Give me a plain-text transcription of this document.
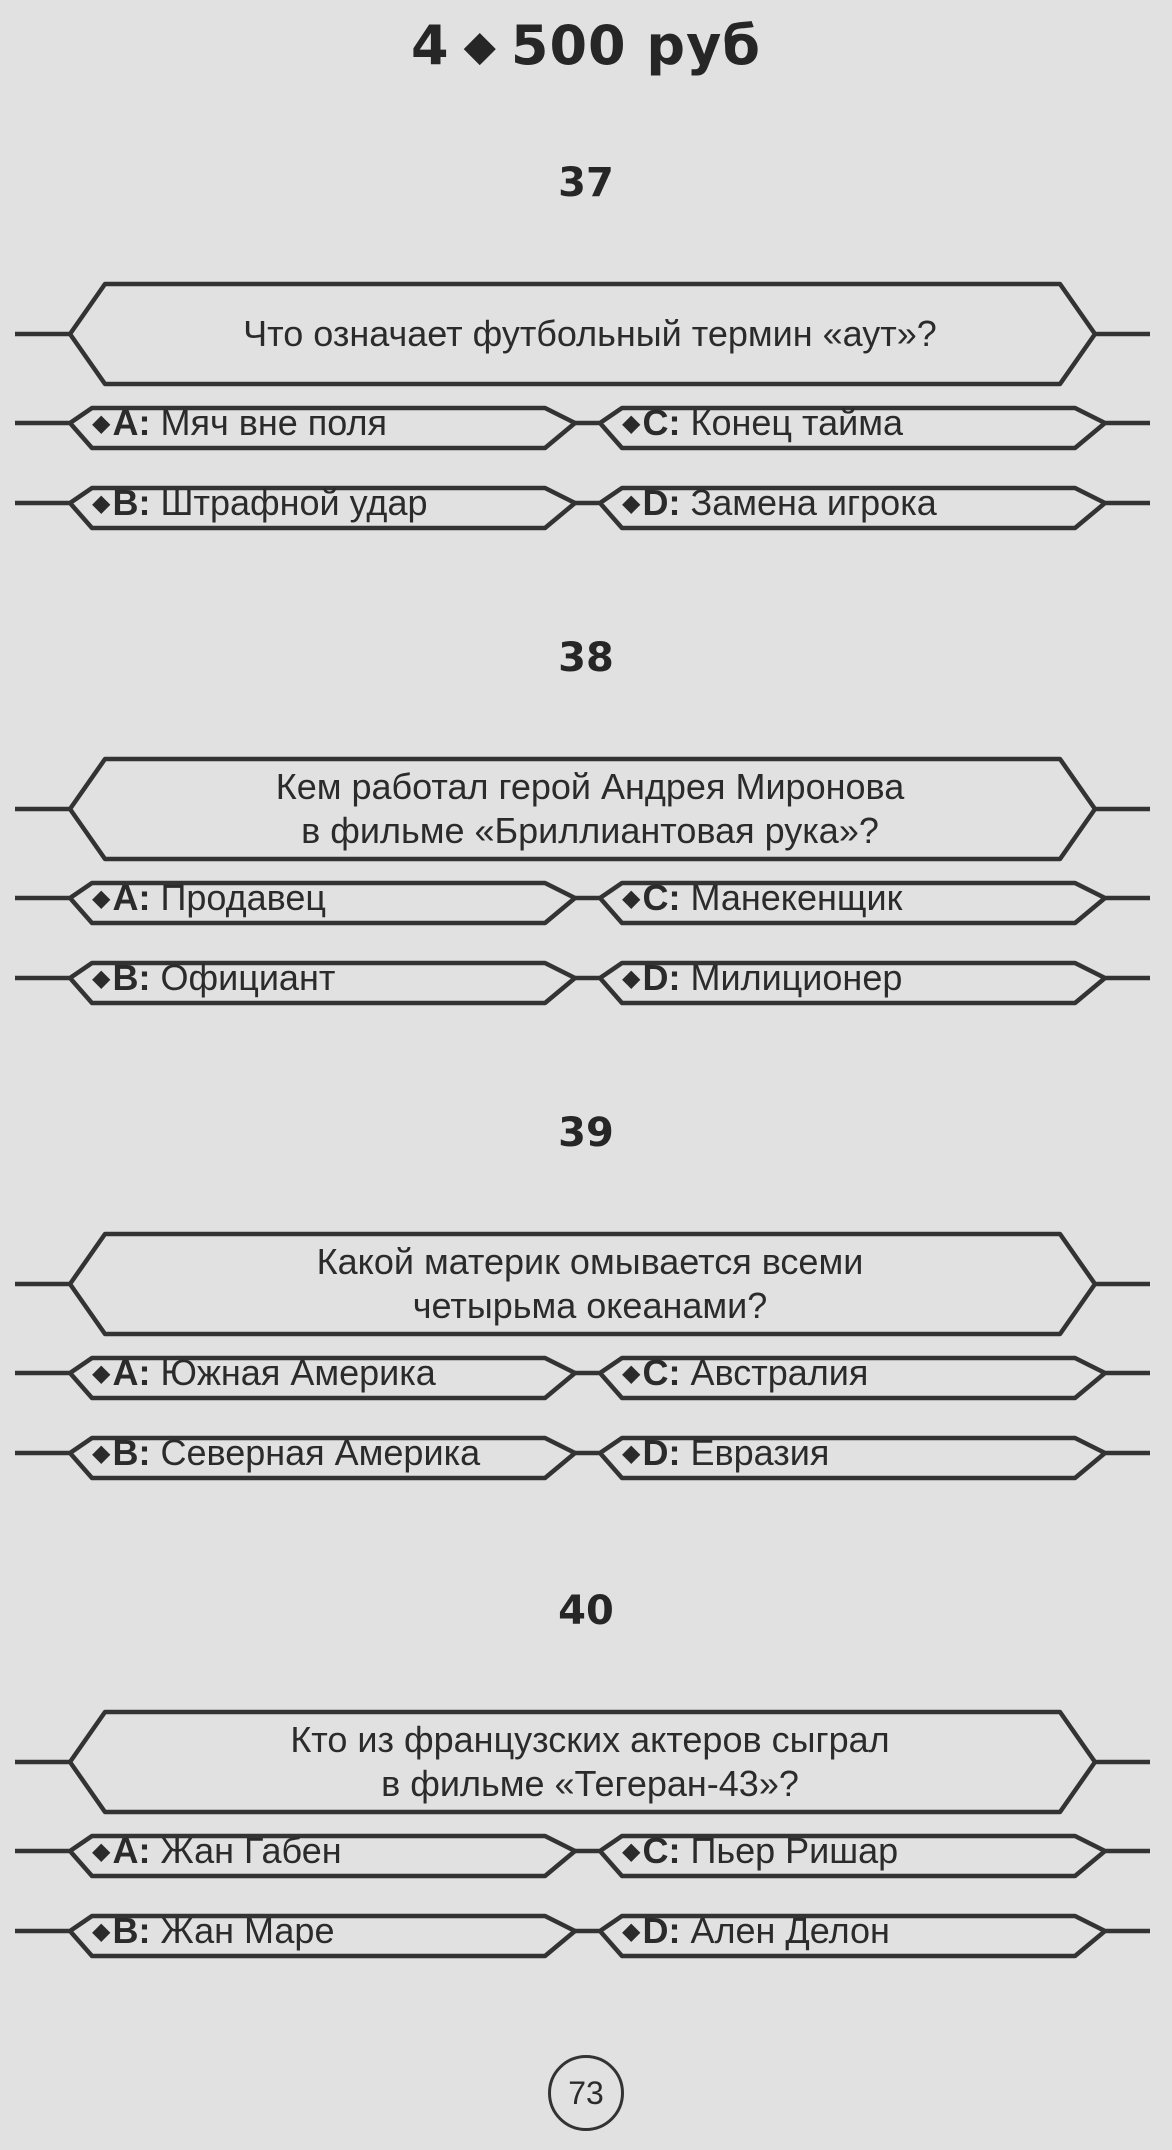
4 ◆ 500 руб
37
Что означает футбольный термин «аут»?
◆A: Мяч вне поля	◆C: Конец тайма
◆B: Штрафной удар	◆D: Замена игрока
38
Кем работал герой Андрея Миронова
в фильме «Бриллиантовая рука»?
◆A: Продавец	◆C: Манекенщик
◆B: Официант	◆D: Милиционер
39
Какой материк омывается всеми
четырьма океанами?
◆A: Южная Америка	◆C: Австралия
◆B: Северная Америка	◆D: Евразия
40
Кто из французских актеров сыграл
в фильме «Тегеран-43»?
◆A: Жан Габен	◆C: Пьер Ришар
◆B: Жан Маре	◆D: Ален Делон
73
